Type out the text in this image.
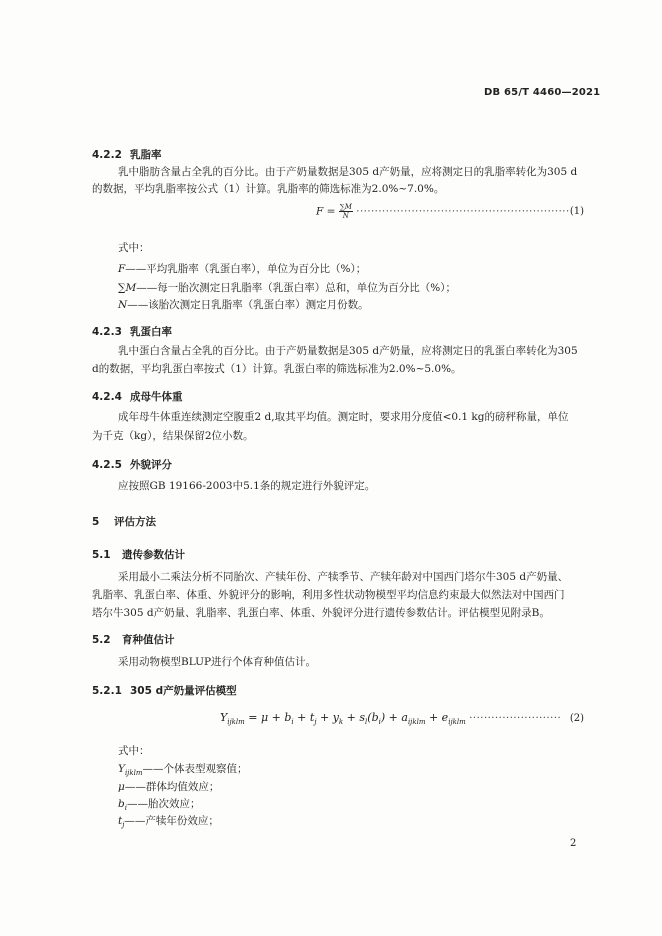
DB 65/T 4460—2021
4.2.2 乳脂率
乳中脂肪含量占全乳的百分比。由于产奶量数据是305 d产奶量，应将测定日的乳脂率转化为305 d
的数据，平均乳脂率按公式（1）计算。乳脂率的筛选标准为2.0%~7.0%。
$F = \frac{\sum M}{N}$ ·························································· (1)
式中：
F——平均乳脂率（乳蛋白率），单位为百分比（%）；
∑M——每一胎次测定日乳脂率（乳蛋白率）总和，单位为百分比（%）；
N——该胎次测定日乳脂率（乳蛋白率）测定月份数。
4.2.3 乳蛋白率
乳中蛋白含量占全乳的百分比。由于产奶量数据是305 d产奶量，应将测定日的乳蛋白率转化为305
d的数据，平均乳蛋白率按式（1）计算。乳蛋白率的筛选标准为2.0%~5.0%。
4.2.4 成母牛体重
成年母牛体重连续测定空腹重2 d,取其平均值。测定时，要求用分度值<0.1 kg的磅秤称量，单位
为千克（kg），结果保留2位小数。
4.2.5 外貌评分
应按照GB 19166-2003中5.1条的规定进行外貌评定。
5 评估方法
5.1 遗传参数估计
采用最小二乘法分析不同胎次、产犊年份、产犊季节、产犊年龄对中国西门塔尔牛305 d产奶量、
乳脂率、乳蛋白率、体重、外貌评分的影响，利用多性状动物模型平均信息约束最大似然法对中国西门
塔尔牛305 d产奶量、乳脂率、乳蛋白率、体重、外貌评分进行遗传参数估计。评估模型见附录B。
5.2 育种值估计
采用动物模型BLUP进行个体育种值估计。
5.2.1 305 d产奶量评估模型
$Y_{ijklm} = \mu + b_i + t_j + y_k + s_l(b_i) + a_{ijklm} + e_{ijklm}$ ························· (2)
式中：
$Y_{ijklm}——$个体表型观察值；
μ——群体均值效应；
$b_i——$胎次效应；
$t_j——$产犊年份效应；
2
